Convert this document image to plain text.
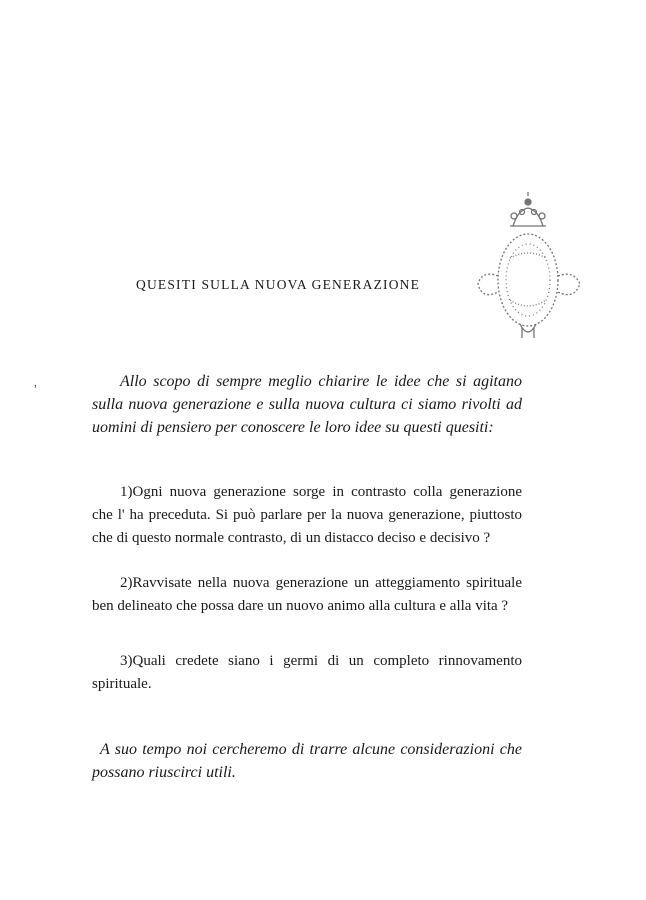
,
QUESITI SULLA NUOVA GENERAZIONE

Allo scopo di sempre meglio chiarire le idee che si agitano sulla nuova generazione e sulla nuova cultura ci siamo rivolti ad uomini di pensiero per conoscere le loro idee su questi quesiti:

1)Ogni nuova generazione sorge in contrasto colla generazione che l' ha preceduta. Si può parlare per la nuova generazione, piuttosto che di questo normale contrasto, di un distacco deciso e decisivo ?

2)Ravvisate nella nuova generazione un atteggiamento spirituale ben delineato che possa dare un nuovo animo alla cultura e alla vita ?

3)Quali credete siano i germi di un completo rinnovamento spirituale.

A suo tempo noi cercheremo di trarre alcune considerazioni che possano riuscirci utili.
